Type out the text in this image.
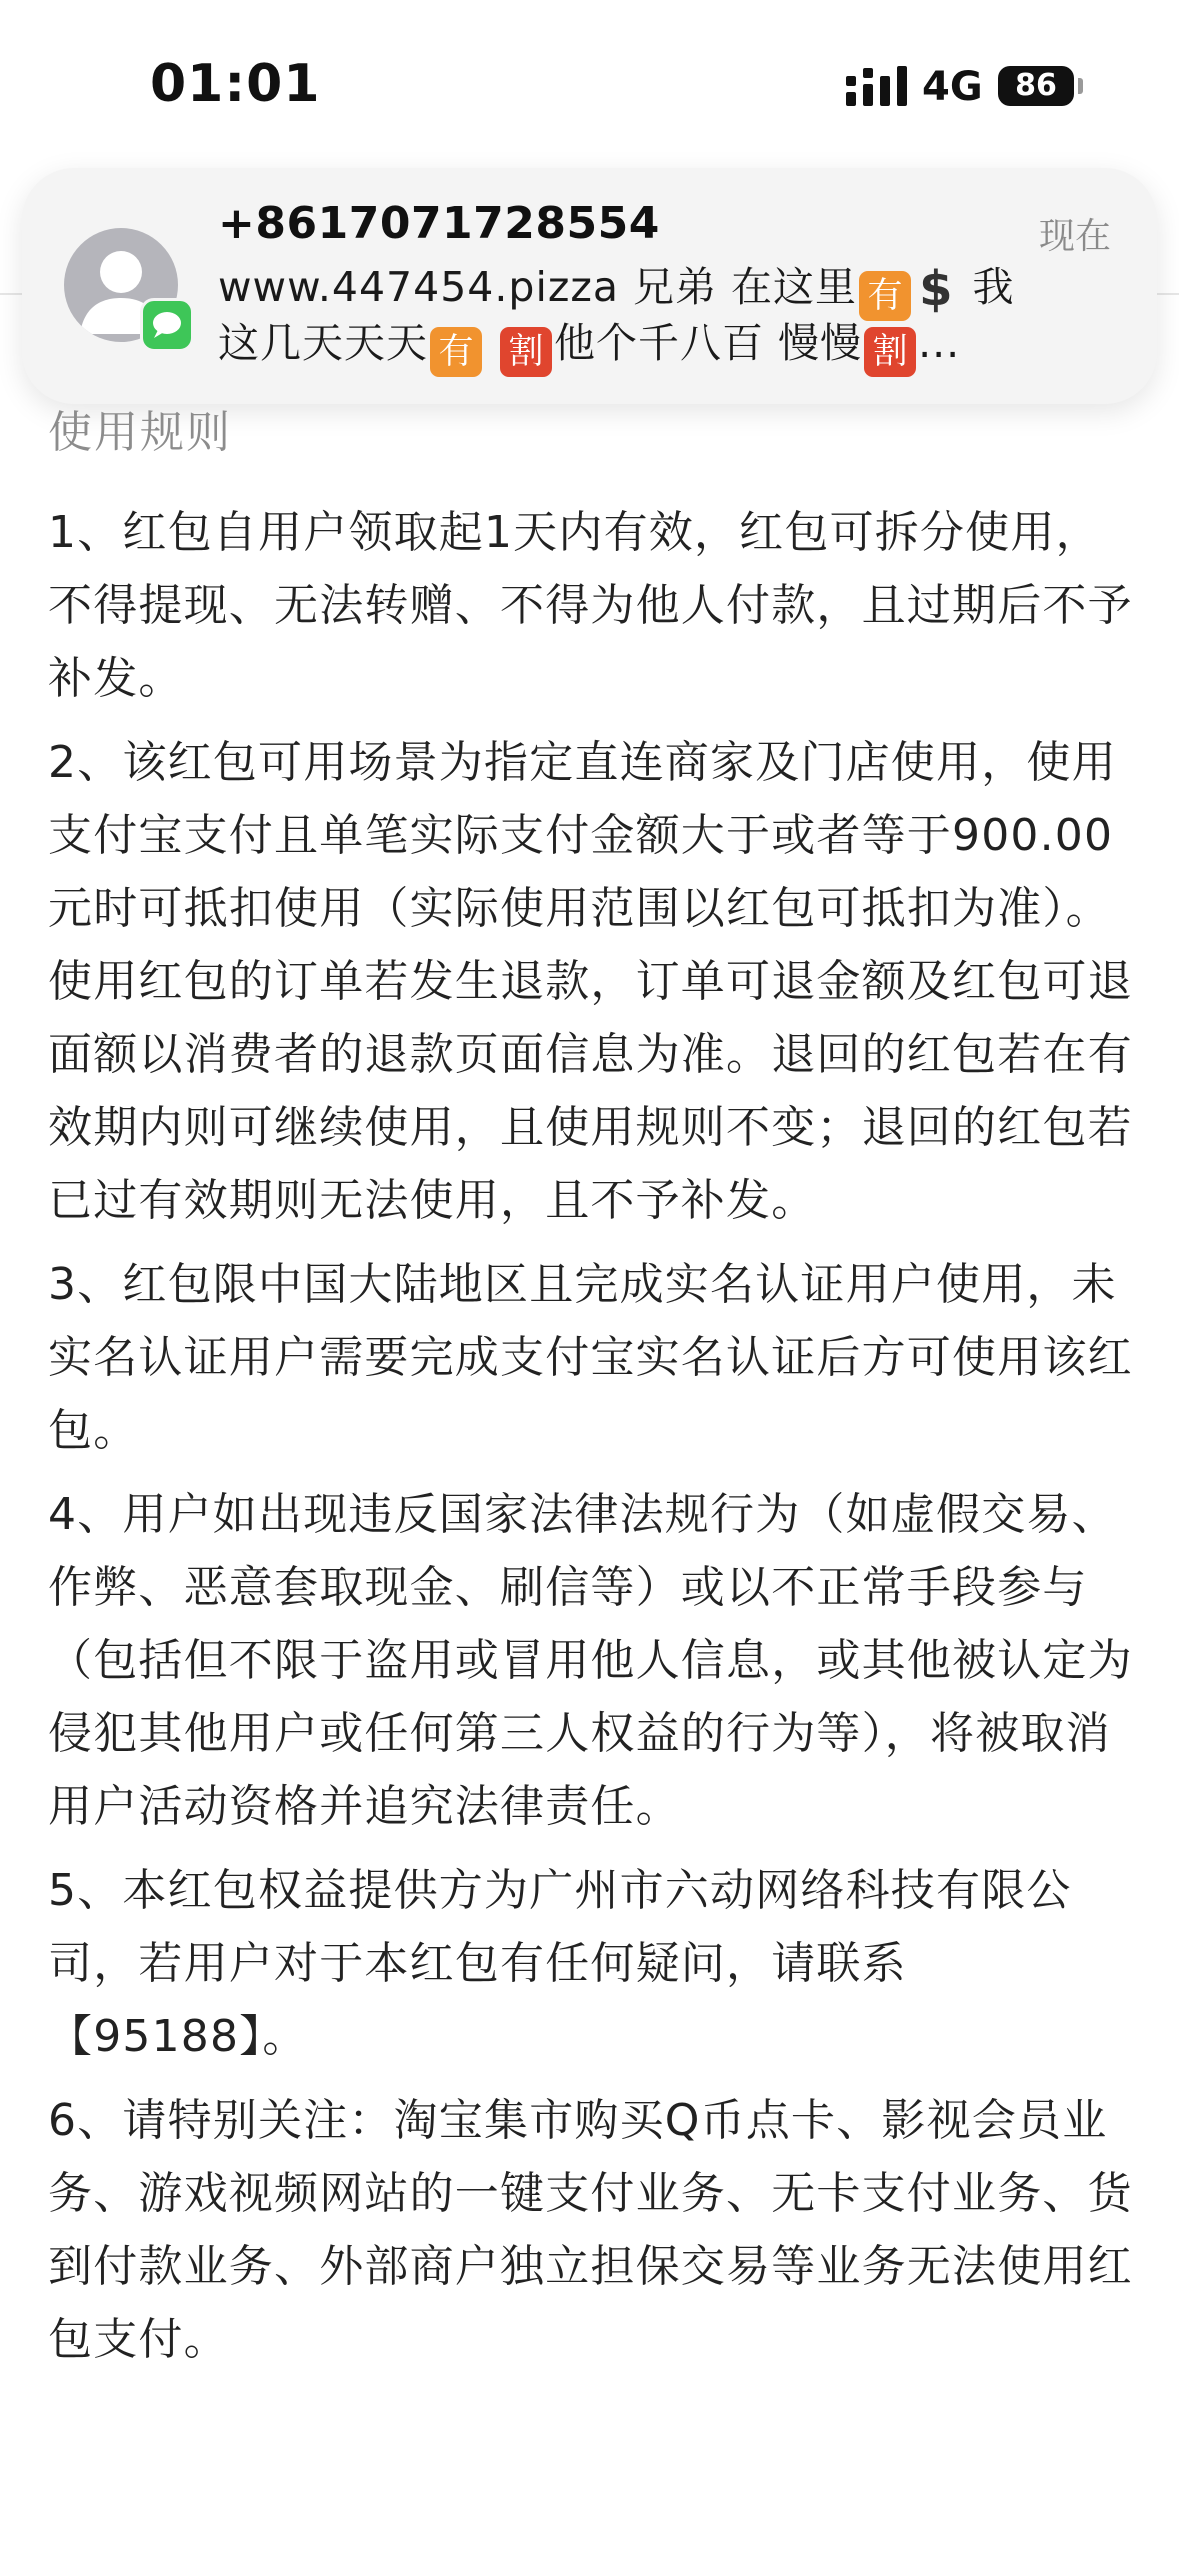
01:01	4G	86
+8617071728554	现在
www.447454.pizza 兄弟 在这里 有 $ 我
这几天天天 有 割 他个千八百 慢慢 割 ...
使用规则

1、红包自用户领取起1天内有效，红包可拆分使用，不得提现、无法转赠、不得为他人付款，且过期后不予补发。

2、该红包可用场景为指定直连商家及门店使用，使用支付宝支付且单笔实际支付金额大于或者等于900.00元时可抵扣使用（实际使用范围以红包可抵扣为准）。使用红包的订单若发生退款，订单可退金额及红包可退面额以消费者的退款页面信息为准。退回的红包若在有效期内则可继续使用，且使用规则不变；退回的红包若已过有效期则无法使用，且不予补发。

3、红包限中国大陆地区且完成实名认证用户使用，未实名认证用户需要完成支付宝实名认证后方可使用该红包。

4、用户如出现违反国家法律法规行为（如虚假交易、作弊、恶意套取现金、刷信等）或以不正常手段参与（包括但不限于盗用或冒用他人信息，或其他被认定为侵犯其他用户或任何第三人权益的行为等），将被取消用户活动资格并追究法律责任。

5、本红包权益提供方为广州市六动网络科技有限公司，若用户对于本红包有任何疑问，请联系【95188】。

6、请特别关注：淘宝集市购买Q币点卡、影视会员业务、游戏视频网站的一键支付业务、无卡支付业务、货到付款业务、外部商户独立担保交易等业务无法使用红包支付。
